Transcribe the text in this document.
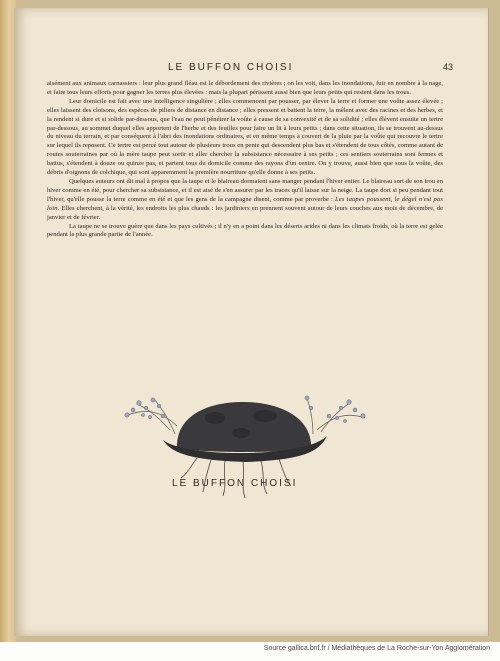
LE BUFFON CHOISI	43

aisément aux animaux carnassiers : leur plus grand fléau est le débordement des rivières ; on les voit, dans les inondations, fuir en nombre à la nage, et faire tous leurs efforts pour gagner les terres plus élevées : mais la plupart périssent aussi bien que leurs petits qui restent dans les trous.

Leur domicile est fait avec une intelligence singulière ; elles commencent par pousser, par élever la terre et former une voûte assez élevée ; elles laissent des cloisons, des espèces de piliers de distance en distance ; elles pressent et battent la terre, la mêlent avec des racines et des herbes, et la rendent si dure et si solide par-dessous, que l'eau ne peut pénétrer la voûte à cause de sa convexité et de sa solidité ; elles élèvent ensuite un tertre par-dessous, au sommet duquel elles apportent de l'herbe et des feuilles pour faire un lit à leurs petits ; dans cette situation, ils se trouvent au-dessus du niveau du terrain, et par conséquent à l'abri des inondations ordinaires, et en même temps à couvert de la pluie par la voûte qui recouvre le tertre sur lequel ils reposent. Ce tertre est percé tout autour de plusieurs trous en pente qui descendent plus bas et s'étendent de tous côtés, comme autant de routes souterraines par où la mère taupe peut sortir et aller chercher la subsistance nécessaire à ses petits ; ces sentiers souterrains sont fermes et battus, s'étendent à douze ou quinze pas, et partent tous du domicile comme des rayons d'un centre. On y trouve, aussi bien que sous la voûte, des débris d'oignons de colchique, qui sont apparemment la première nourriture qu'elle donne à ses petits.

Quelques auteurs ont dit mal à propos que la taupe et le blaireau dormaient sans manger pendant l'hiver entier. Le blaireau sort de son trou en hiver comme en été, pour chercher sa subsistance, et il est aisé de s'en assurer par les traces qu'il laisse sur la neige. La taupe dort si peu pendant tout l'hiver, qu'elle pousse la terre comme en été et que les gens de la campagne disent, comme par proverbe : Les taupes poussent, le dégel n'est pas loin. Elles cherchent, à la vérité, les endroits les plus chauds : les jardiniers en prennent souvent autour de leurs couches aux mois de décembre, de janvier et de février.

La taupe ne se trouve guère que dans les pays cultivés ; il n'y en a point dans les déserts arides ni dans les climats froids, où la terre est gelée pendant la plus grande partie de l'année.

LE BUFFON CHOISI
Source gallica.bnf.fr / Médiathèques de La Roche-sur-Yon Agglomération
